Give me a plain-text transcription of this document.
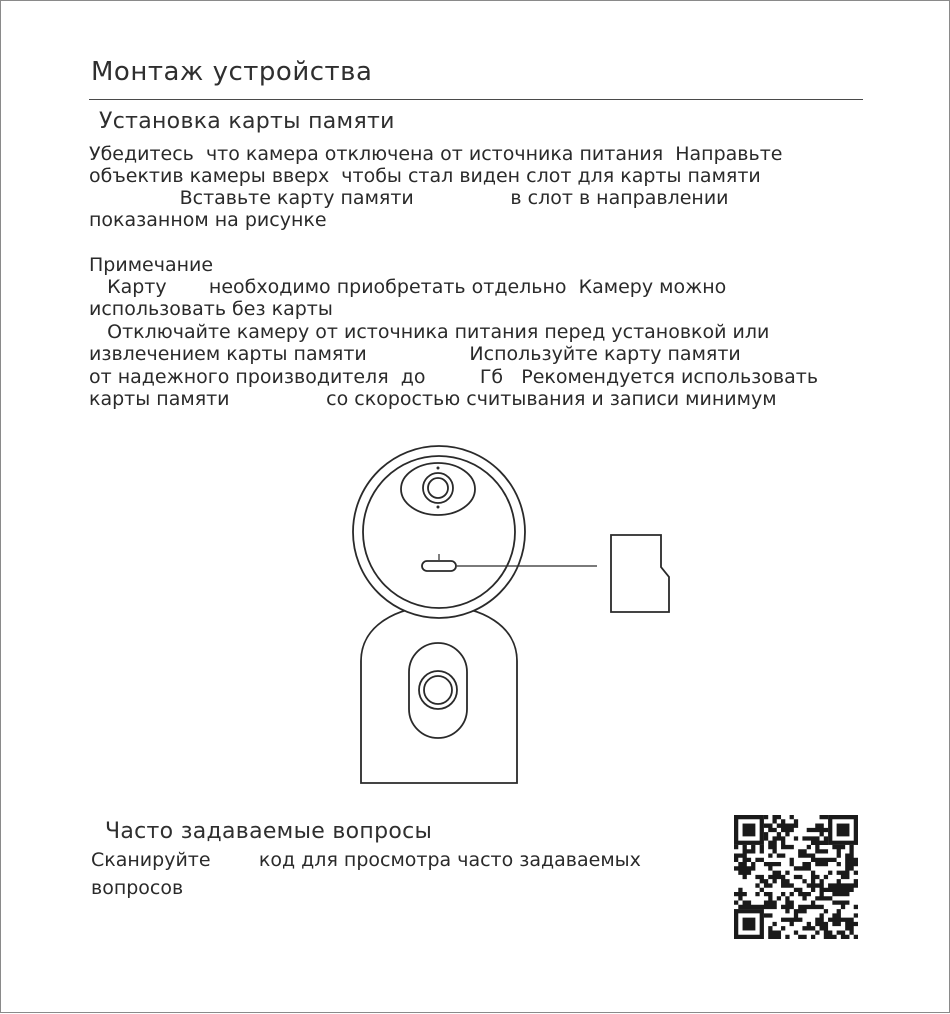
Монтаж устройства
Установка карты памяти
Убедитесь  что камера отключена от источника питания  Направьте
объектив камеры вверх  чтобы стал виден слот для карты памяти
Вставьте карту памяти                в слот в направлении
показанном на рисунке
Примечание
Карту       необходимо приобретать отдельно  Камеру можно
использовать без карты
Отключайте камеру от источника питания перед установкой или
извлечением карты памяти                 Используйте карту памяти
от надежного производителя  до         Гб   Рекомендуется использовать
карты памяти                со скоростью считывания и записи минимум
Часто задаваемые вопросы
Сканируйте        код для просмотра часто задаваемых
вопросов
